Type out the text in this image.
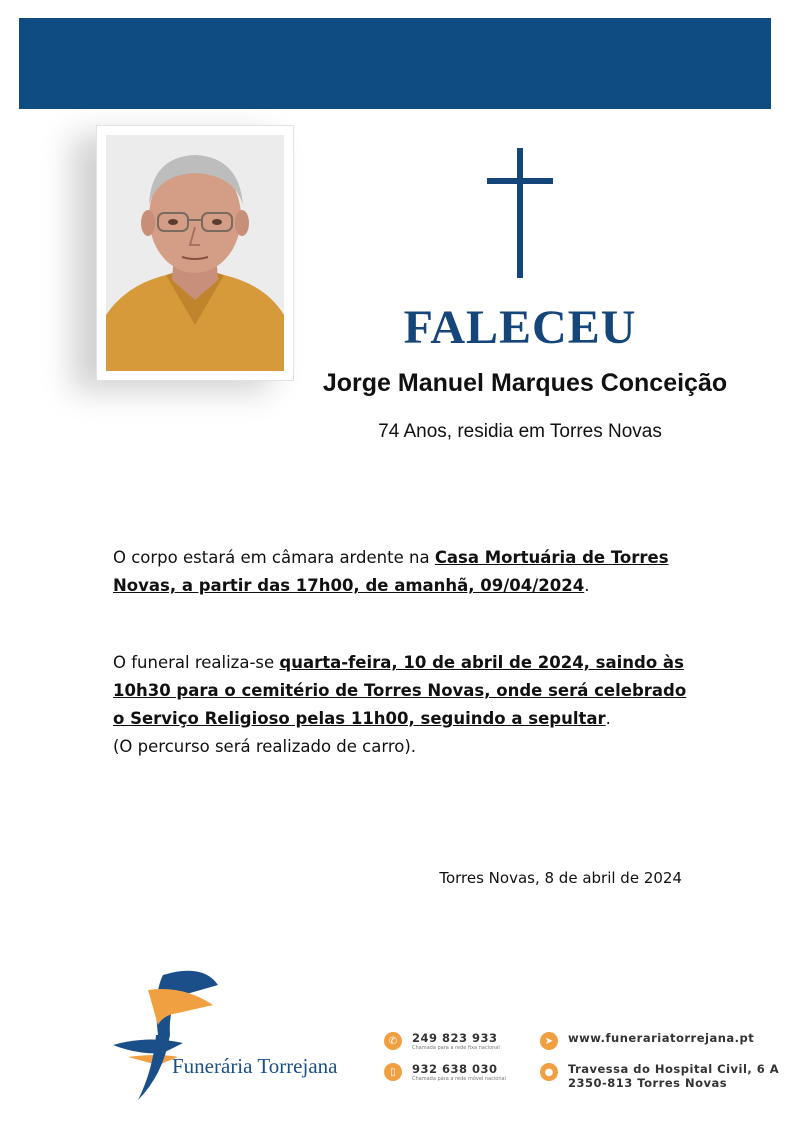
FALECEU
Jorge Manuel Marques Conceição
74 Anos, residia em Torres Novas
O corpo estará em câmara ardente na Casa Mortuária de Torres Novas, a partir das 17h00, de amanhã, 09/04/2024.
O funeral realiza-se quarta-feira, 10 de abril de 2024, saindo às 10h30 para o cemitério de Torres Novas, onde será celebrado o Serviço Religioso pelas 11h00, seguindo a sepultar.
(O percurso será realizado de carro).
Torres Novas, 8 de abril de 2024
Funerária Torrejana
✆	249 823 933
Chamada para a rede fixa nacional
▯	932 638 030
Chamada para a rede móvel nacional
➤	www.funerariatorrejana.pt
●	Travessa do Hospital Civil, 6 A
2350-813 Torres Novas
